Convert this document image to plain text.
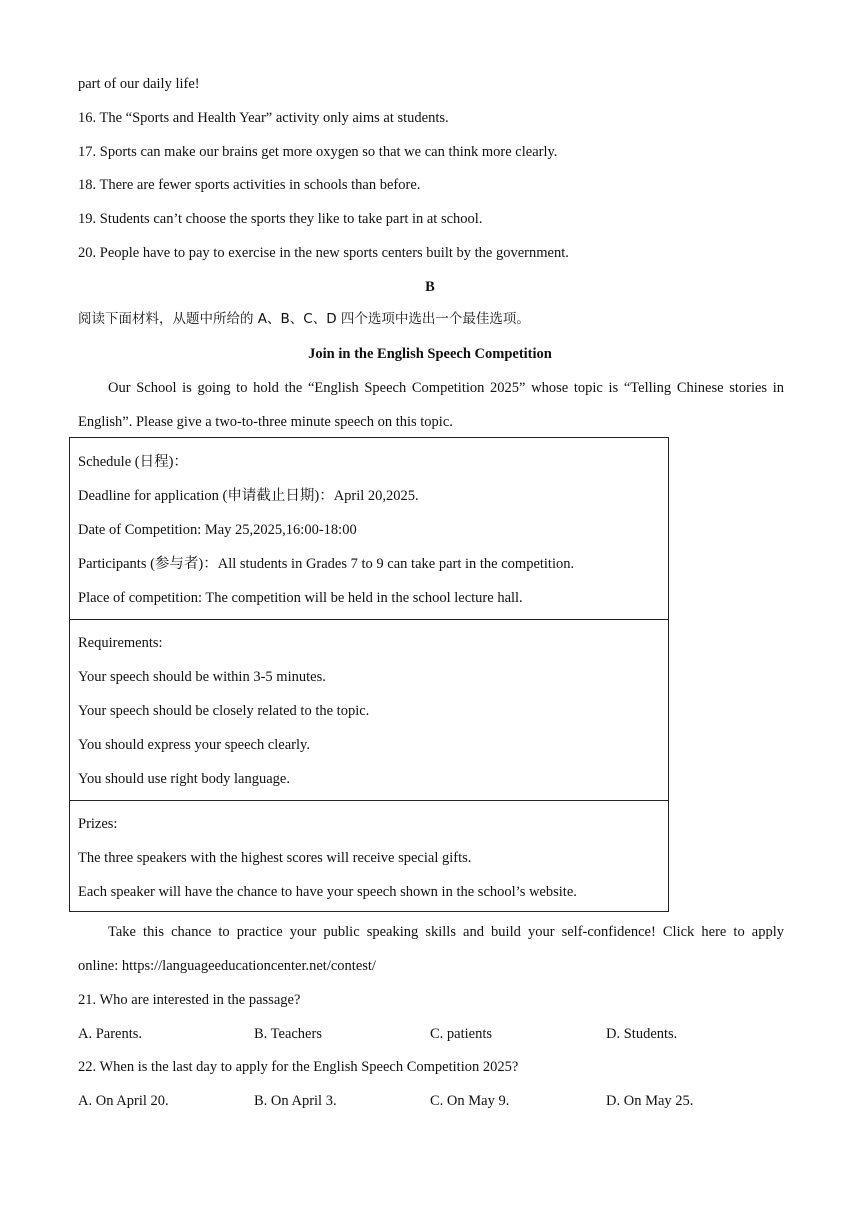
part of our daily life!
16. The “Sports and Health Year” activity only aims at students.
17. Sports can make our brains get more oxygen so that we can think more clearly.
18. There are fewer sports activities in schools than before.
19. Students can’t choose the sports they like to take part in at school.
20. People have to pay to exercise in the new sports centers built by the government.
B
阅读下面材料，从题中所给的 A、B、C、D 四个选项中选出一个最佳选项。
Join in the English Speech Competition
Our School is going to hold the “English Speech Competition 2025” whose topic is “Telling Chinese stories in
English”. Please give a two-to-three minute speech on this topic.
Schedule (日程)：
Deadline for application (申请截止日期)：April 20,2025.
Date of Competition: May 25,2025,16:00-18:00
Participants (参与者)：All students in Grades 7 to 9 can take part in the competition.
Place of competition: The competition will be held in the school lecture hall.
Requirements:
Your speech should be within 3-5 minutes.
Your speech should be closely related to the topic.
You should express your speech clearly.
You should use right body language.
Prizes:
The three speakers with the highest scores will receive special gifts.
Each speaker will have the chance to have your speech shown in the school’s website.
Take this chance to practice your public speaking skills and build your self-confidence! Click here to apply
online: https://languageeducationcenter.net/contest/
21. Who are interested in the passage?
A. Parents.	B. Teachers	C. patients	D. Students.
22. When is the last day to apply for the English Speech Competition 2025?
A. On April 20.	B. On April 3.	C. On May 9.	D. On May 25.
